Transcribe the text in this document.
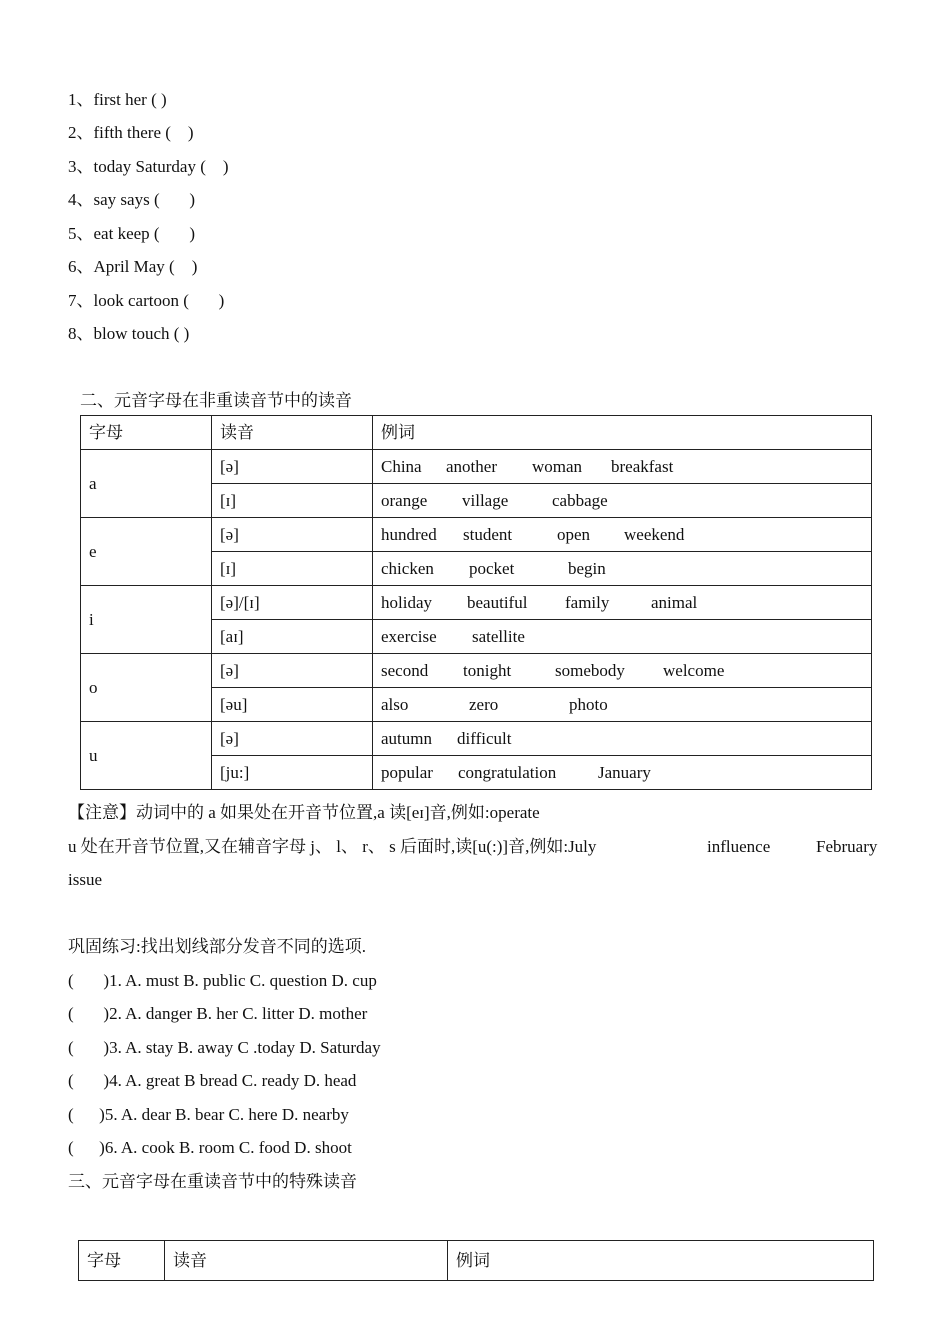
1、first her ( )
2、fifth there (    )
3、today Saturday (    )
4、say says (       )
5、eat keep (       )
6、April May (    )
7、look cartoon (       )
8、blow touch ( )
二、元音字母在非重读音节中的读音
字母	读音	例词
a	[ə]	China another woman breakfast
	[ɪ]	orange village cabbage
e	[ə]	hundred student open weekend
	[ɪ]	chicken pocket begin
i	[ə]/[ɪ]	holiday beautiful family animal
	[aɪ]	exercise satellite
o	[ə]	second tonight somebody welcome
	[əu]	also zero photo
u	[ə]	autumn difficult
	[ju:]	popular congratulation January
【注意】动词中的 a 如果处在开音节位置,a 读[eɪ]音,例如:operate
u 处在开音节位置,又在辅音字母 j、 l、 r、 s 后面时,读[u(:)]音,例如:July	influence	February
issue
巩固练习:找出划线部分发音不同的选项.
(       )1. A. must B. public C. question D. cup
(       )2. A. danger B. her C. litter D. mother
(       )3. A. stay B. away C .today D. Saturday
(       )4. A. great B bread C. ready D. head
(      )5. A. dear B. bear C. here D. nearby
(      )6. A. cook B. room C. food D. shoot
三、元音字母在重读音节中的特殊读音
字母	读音	例词
